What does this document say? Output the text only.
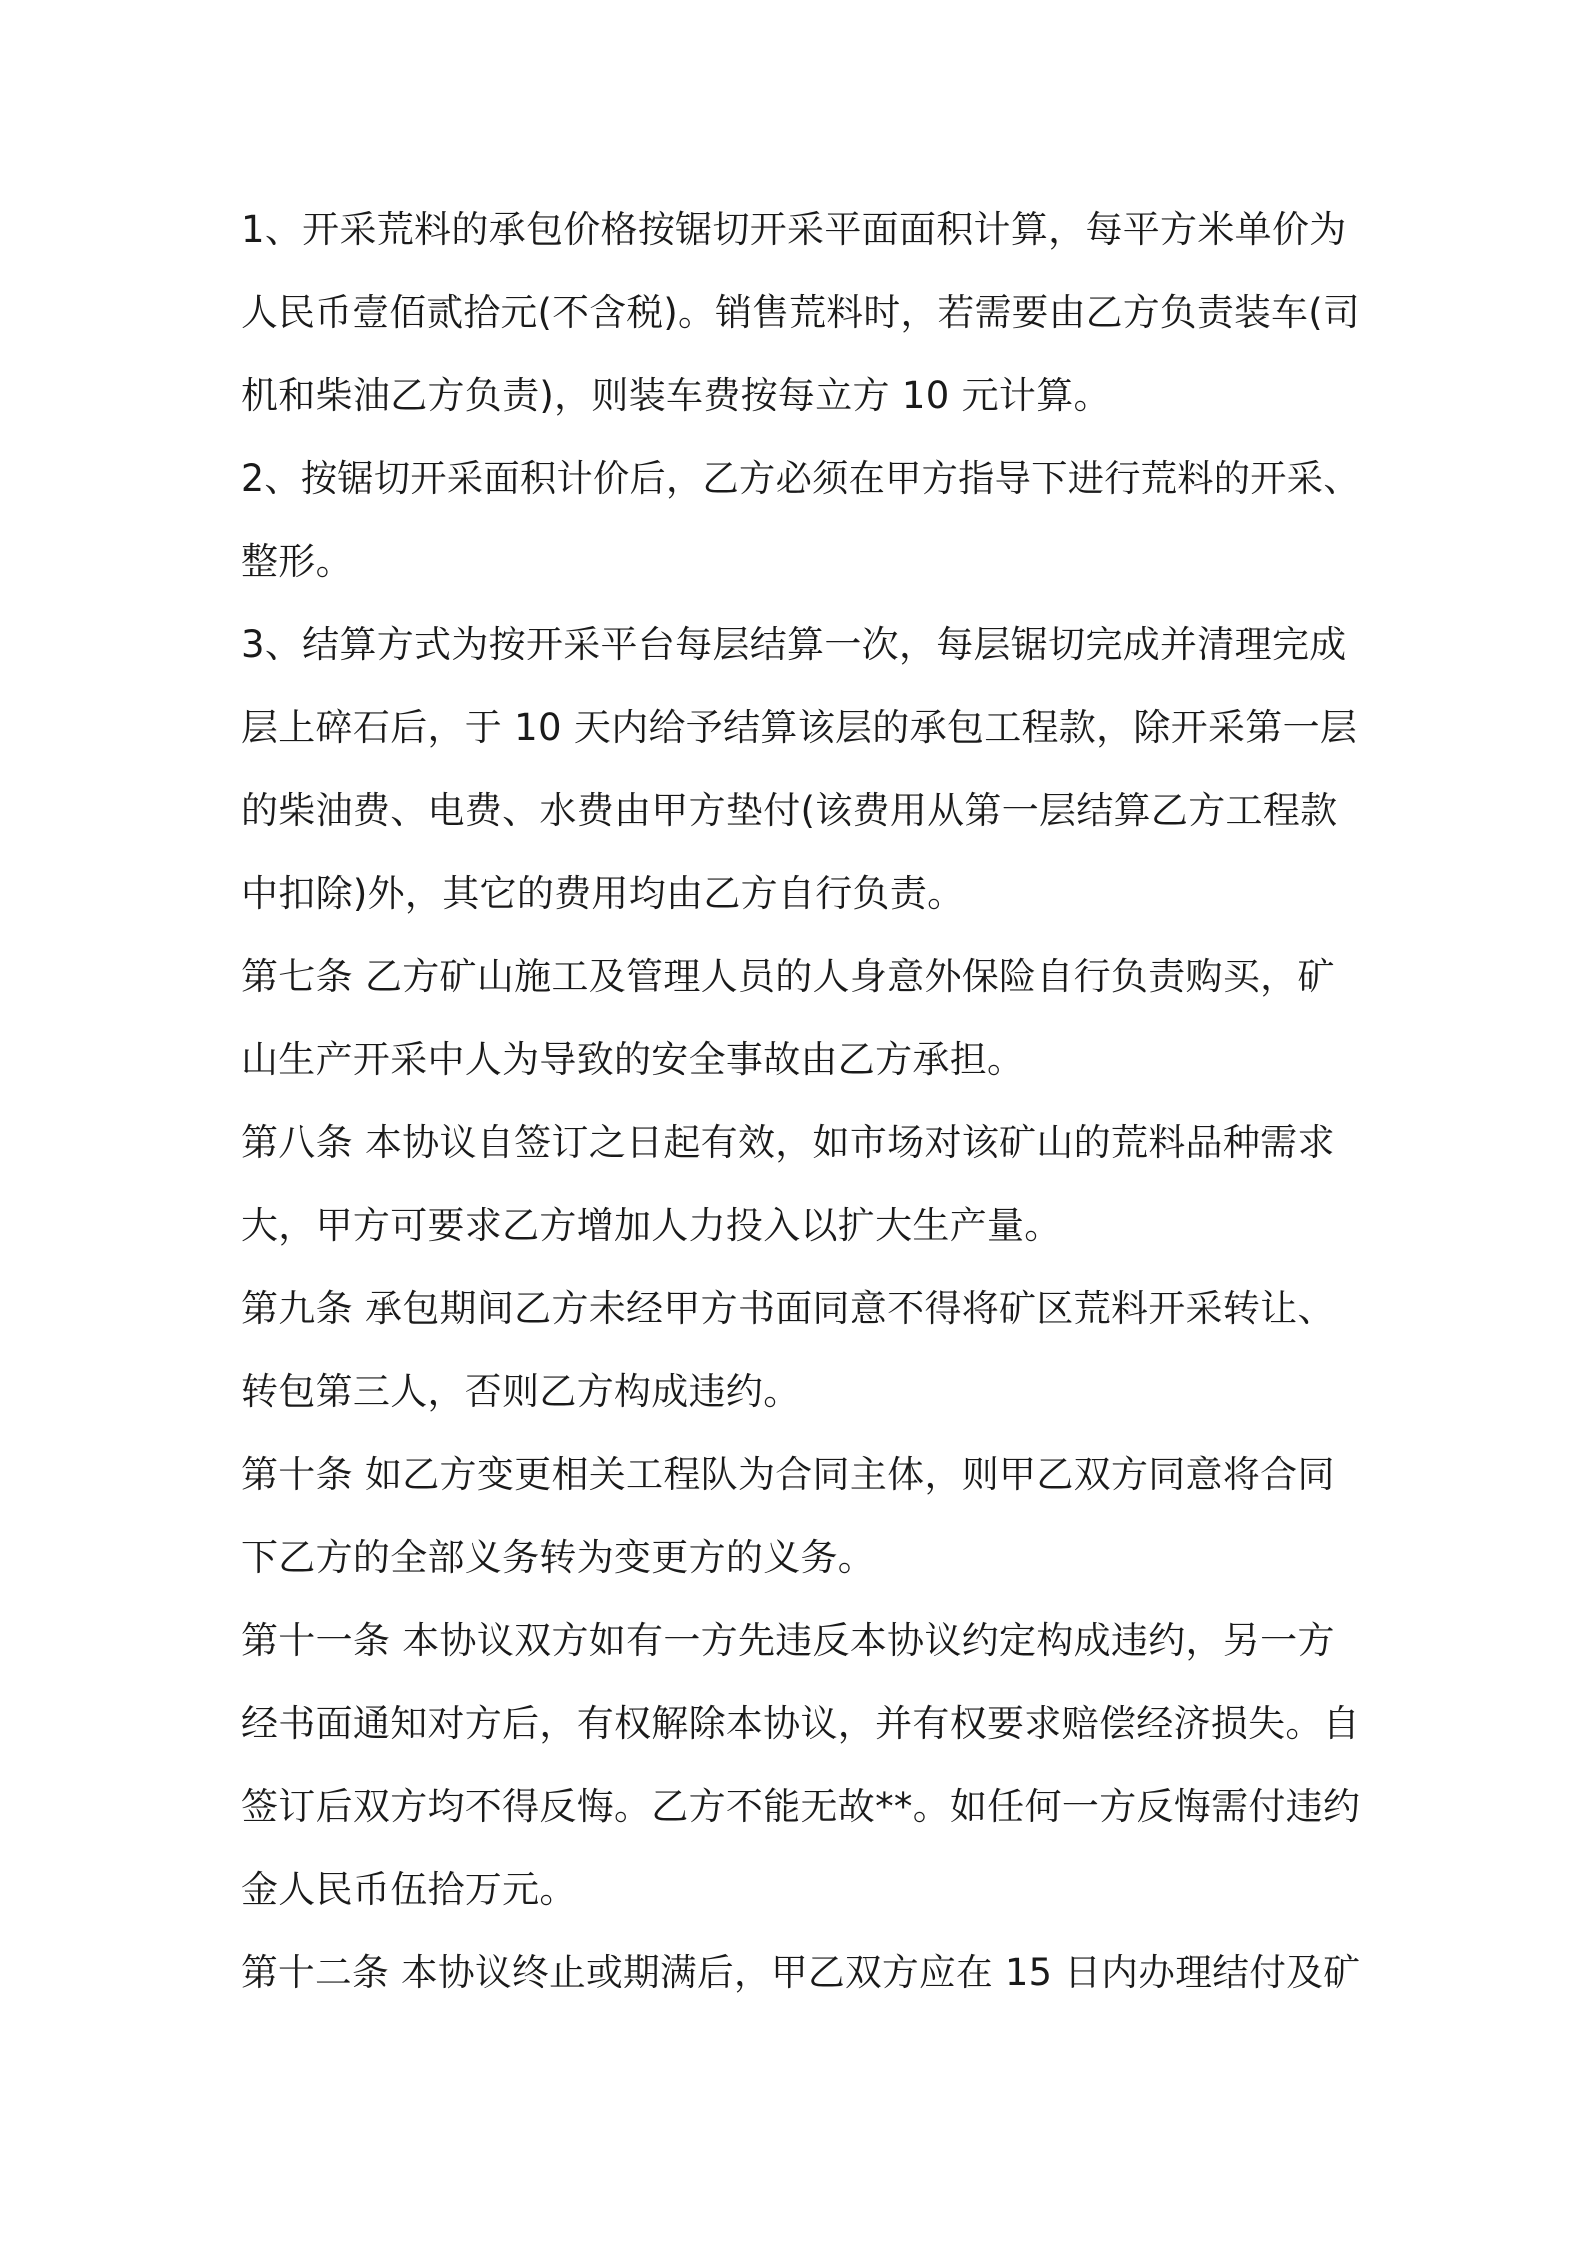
1、开采荒料的承包价格按锯切开采平面面积计算，每平方米单价为

人民币壹佰贰拾元(不含税)。销售荒料时，若需要由乙方负责装车(司

机和柴油乙方负责)，则装车费按每立方 10 元计算。

2、按锯切开采面积计价后，乙方必须在甲方指导下进行荒料的开采、

整形。

3、结算方式为按开采平台每层结算一次，每层锯切完成并清理完成

层上碎石后，于 10 天内给予结算该层的承包工程款，除开采第一层

的柴油费、电费、水费由甲方垫付(该费用从第一层结算乙方工程款

中扣除)外，其它的费用均由乙方自行负责。

第七条 乙方矿山施工及管理人员的人身意外保险自行负责购买，矿

山生产开采中人为导致的安全事故由乙方承担。

第八条 本协议自签订之日起有效，如市场对该矿山的荒料品种需求

大，甲方可要求乙方增加人力投入以扩大生产量。

第九条 承包期间乙方未经甲方书面同意不得将矿区荒料开采转让、

转包第三人，否则乙方构成违约。

第十条 如乙方变更相关工程队为合同主体，则甲乙双方同意将合同

下乙方的全部义务转为变更方的义务。

第十一条 本协议双方如有一方先违反本协议约定构成违约，另一方

经书面通知对方后，有权解除本协议，并有权要求赔偿经济损失。自

签订后双方均不得反悔。乙方不能无故**。如任何一方反悔需付违约

金人民币伍拾万元。

第十二条 本协议终止或期满后，甲乙双方应在 15 日内办理结付及矿
